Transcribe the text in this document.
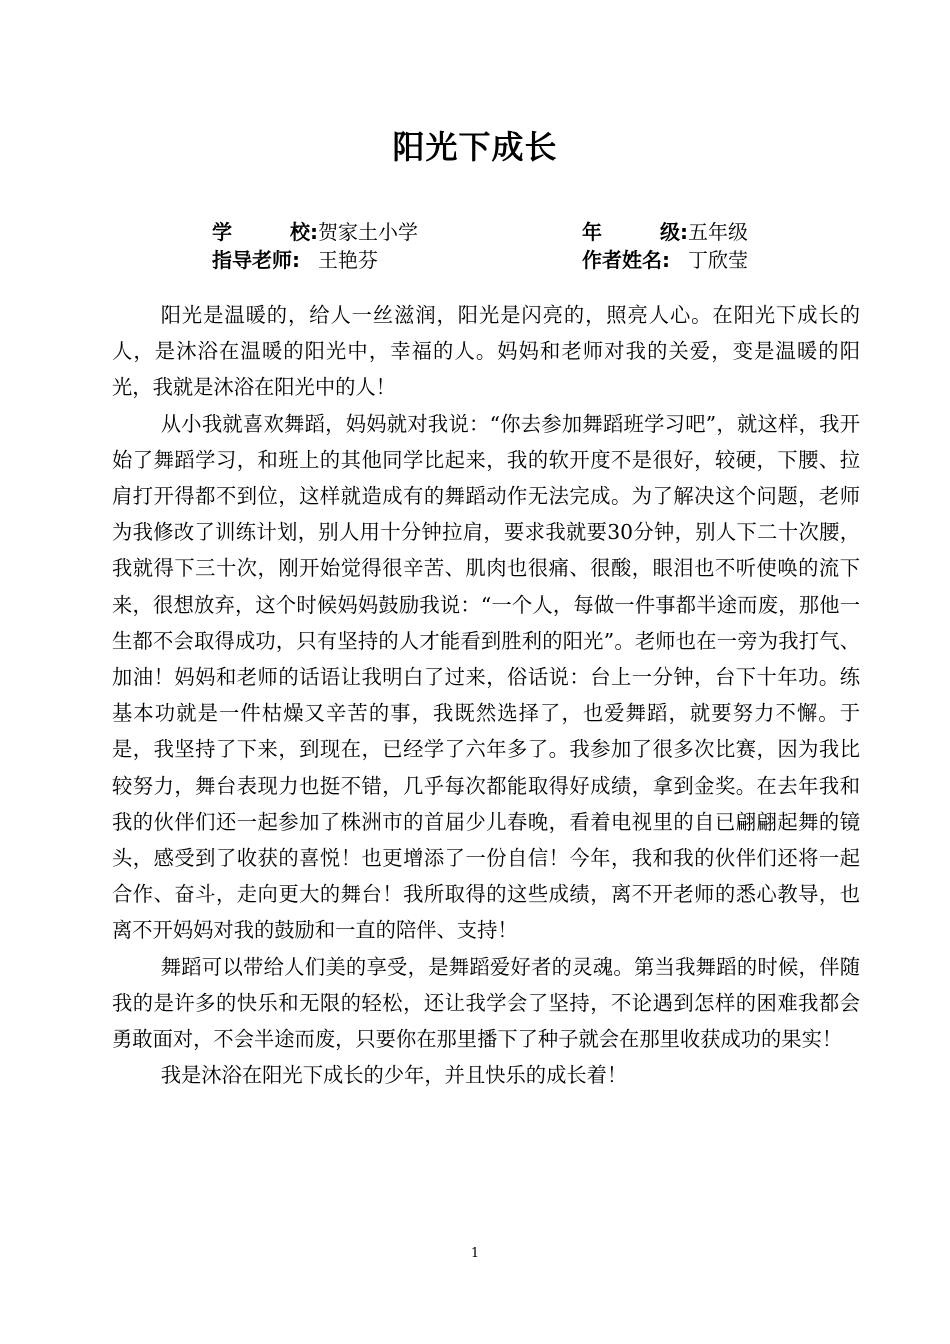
阳光下成长
学	校: 贺家土小学	年	级: 五年级
指导老师: 王艳芬	作者姓名: 丁欣莹

阳光是温暖的，给人一丝滋润，阳光是闪亮的，照亮人心。在阳光下成长的人，是沐浴在温暖的阳光中，幸福的人。妈妈和老师对我的关爱，变是温暖的阳光，我就是沐浴在阳光中的人！

从小我就喜欢舞蹈，妈妈就对我说：“你去参加舞蹈班学习吧”，就这样，我开始了舞蹈学习，和班上的其他同学比起来，我的软开度不是很好，较硬，下腰、拉肩打开得都不到位，这样就造成有的舞蹈动作无法完成。为了解决这个问题，老师为我修改了训练计划，别人用十分钟拉肩，要求我就要30分钟，别人下二十次腰，我就得下三十次，刚开始觉得很辛苦、肌肉也很痛、很酸，眼泪也不听使唤的流下来，很想放弃，这个时候妈妈鼓励我说：“一个人，每做一件事都半途而废，那他一生都不会取得成功，只有坚持的人才能看到胜利的阳光”。老师也在一旁为我打气、加油！妈妈和老师的话语让我明白了过来，俗话说：台上一分钟，台下十年功。练基本功就是一件枯燥又辛苦的事，我既然选择了，也爱舞蹈，就要努力不懈。于是，我坚持了下来，到现在，已经学了六年多了。我参加了很多次比赛，因为我比较努力，舞台表现力也挺不错，几乎每次都能取得好成绩，拿到金奖。在去年我和我的伙伴们还一起参加了株洲市的首届少儿春晚，看着电视里的自已翩翩起舞的镜头，感受到了收获的喜悦！也更增添了一份自信！今年，我和我的伙伴们还将一起合作、奋斗，走向更大的舞台！我所取得的这些成绩，离不开老师的悉心教导，也离不开妈妈对我的鼓励和一直的陪伴、支持！

舞蹈可以带给人们美的享受，是舞蹈爱好者的灵魂。第当我舞蹈的时候，伴随我的是许多的快乐和无限的轻松，还让我学会了坚持，不论遇到怎样的困难我都会勇敢面对，不会半途而废，只要你在那里播下了种子就会在那里收获成功的果实！

我是沐浴在阳光下成长的少年，并且快乐的成长着！

1
